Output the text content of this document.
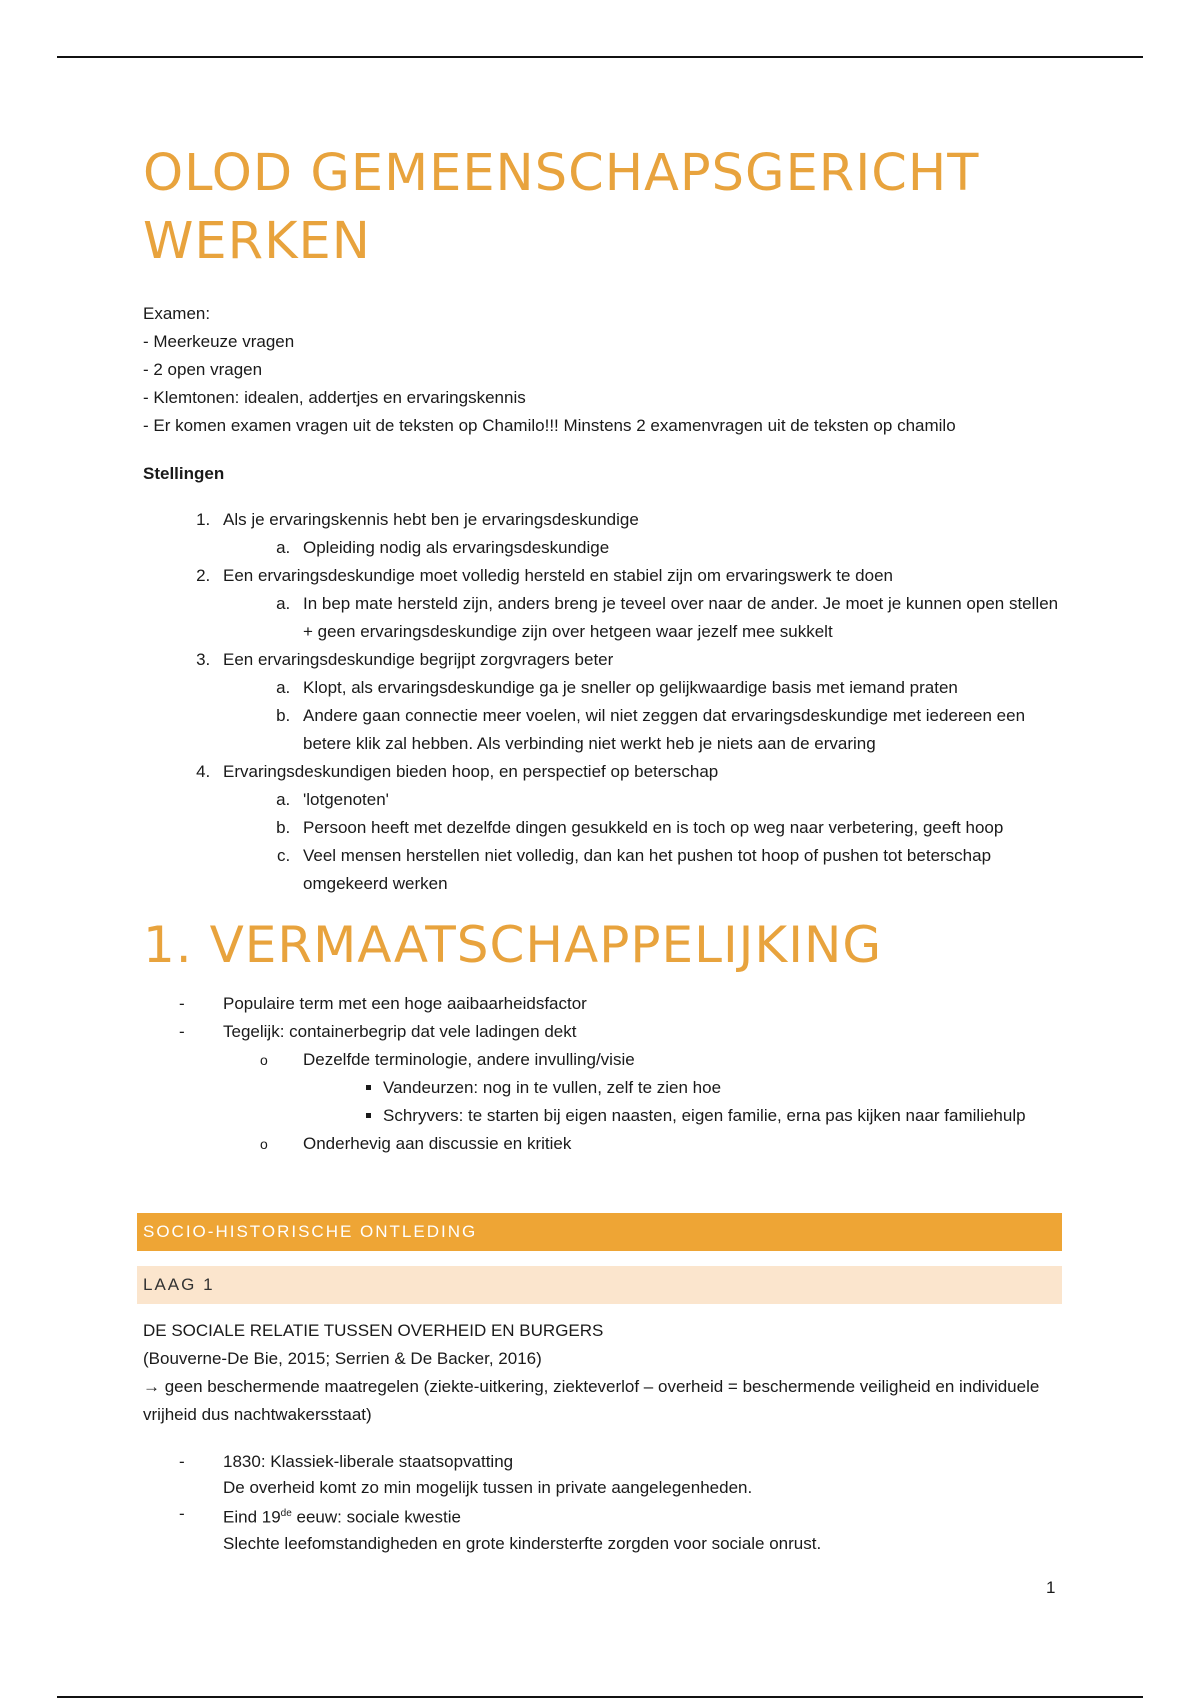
OLOD GEMEENSCHAPSGERICHT WERKEN

Examen:

- Meerkeuze vragen

- 2 open vragen

- Klemtonen: idealen, addertjes en ervaringskennis

- Er komen examen vragen uit de teksten op Chamilo!!! Minstens 2 examenvragen uit de teksten op chamilo

Stellingen
1. Als je ervaringskennis hebt ben je ervaringsdeskundige
a. Opleiding nodig als ervaringsdeskundige
2. Een ervaringsdeskundige moet volledig hersteld en stabiel zijn om ervaringswerk te doen
a. In bep mate hersteld zijn, anders breng je teveel over naar de ander. Je moet je kunnen open stellen + geen ervaringsdeskundige zijn over hetgeen waar jezelf mee sukkelt
3. Een ervaringsdeskundige begrijpt zorgvragers beter
a. Klopt, als ervaringsdeskundige ga je sneller op gelijkwaardige basis met iemand praten
b. Andere gaan connectie meer voelen, wil niet zeggen dat ervaringsdeskundige met iedereen een betere klik zal hebben. Als verbinding niet werkt heb je niets aan de ervaring
4. Ervaringsdeskundigen bieden hoop, en perspectief op beterschap
a. 'lotgenoten'
b. Persoon heeft met dezelfde dingen gesukkeld en is toch op weg naar verbetering, geeft hoop
c. Veel mensen herstellen niet volledig, dan kan het pushen tot hoop of pushen tot beterschap omgekeerd werken
1. VERMAATSCHAPPELIJKING
- Populaire term met een hoge aaibaarheidsfactor
- Tegelijk: containerbegrip dat vele ladingen dekt
o Dezelfde terminologie, andere invulling/visie
▪ Vandeurzen: nog in te vullen, zelf te zien hoe
▪ Schryvers: te starten bij eigen naasten, eigen familie, erna pas kijken naar familiehulp
o Onderhevig aan discussie en kritiek
SOCIO-HISTORISCHE ONTLEDING
LAAG 1

DE SOCIALE RELATIE TUSSEN OVERHEID EN BURGERS

(Bouverne-De Bie, 2015; Serrien & De Backer, 2016)

→ geen beschermende maatregelen (ziekte-uitkering, ziekteverlof – overheid = beschermende veiligheid en individuele vrijheid dus nachtwakersstaat)

- 1830: Klassiek-liberale staatsopvatting
De overheid komt zo min mogelijk tussen in private aangelegenheden.
- Eind 19de eeuw: sociale kwestie
Slechte leefomstandigheden en grote kindersterfte zorgden voor sociale onrust.
1
